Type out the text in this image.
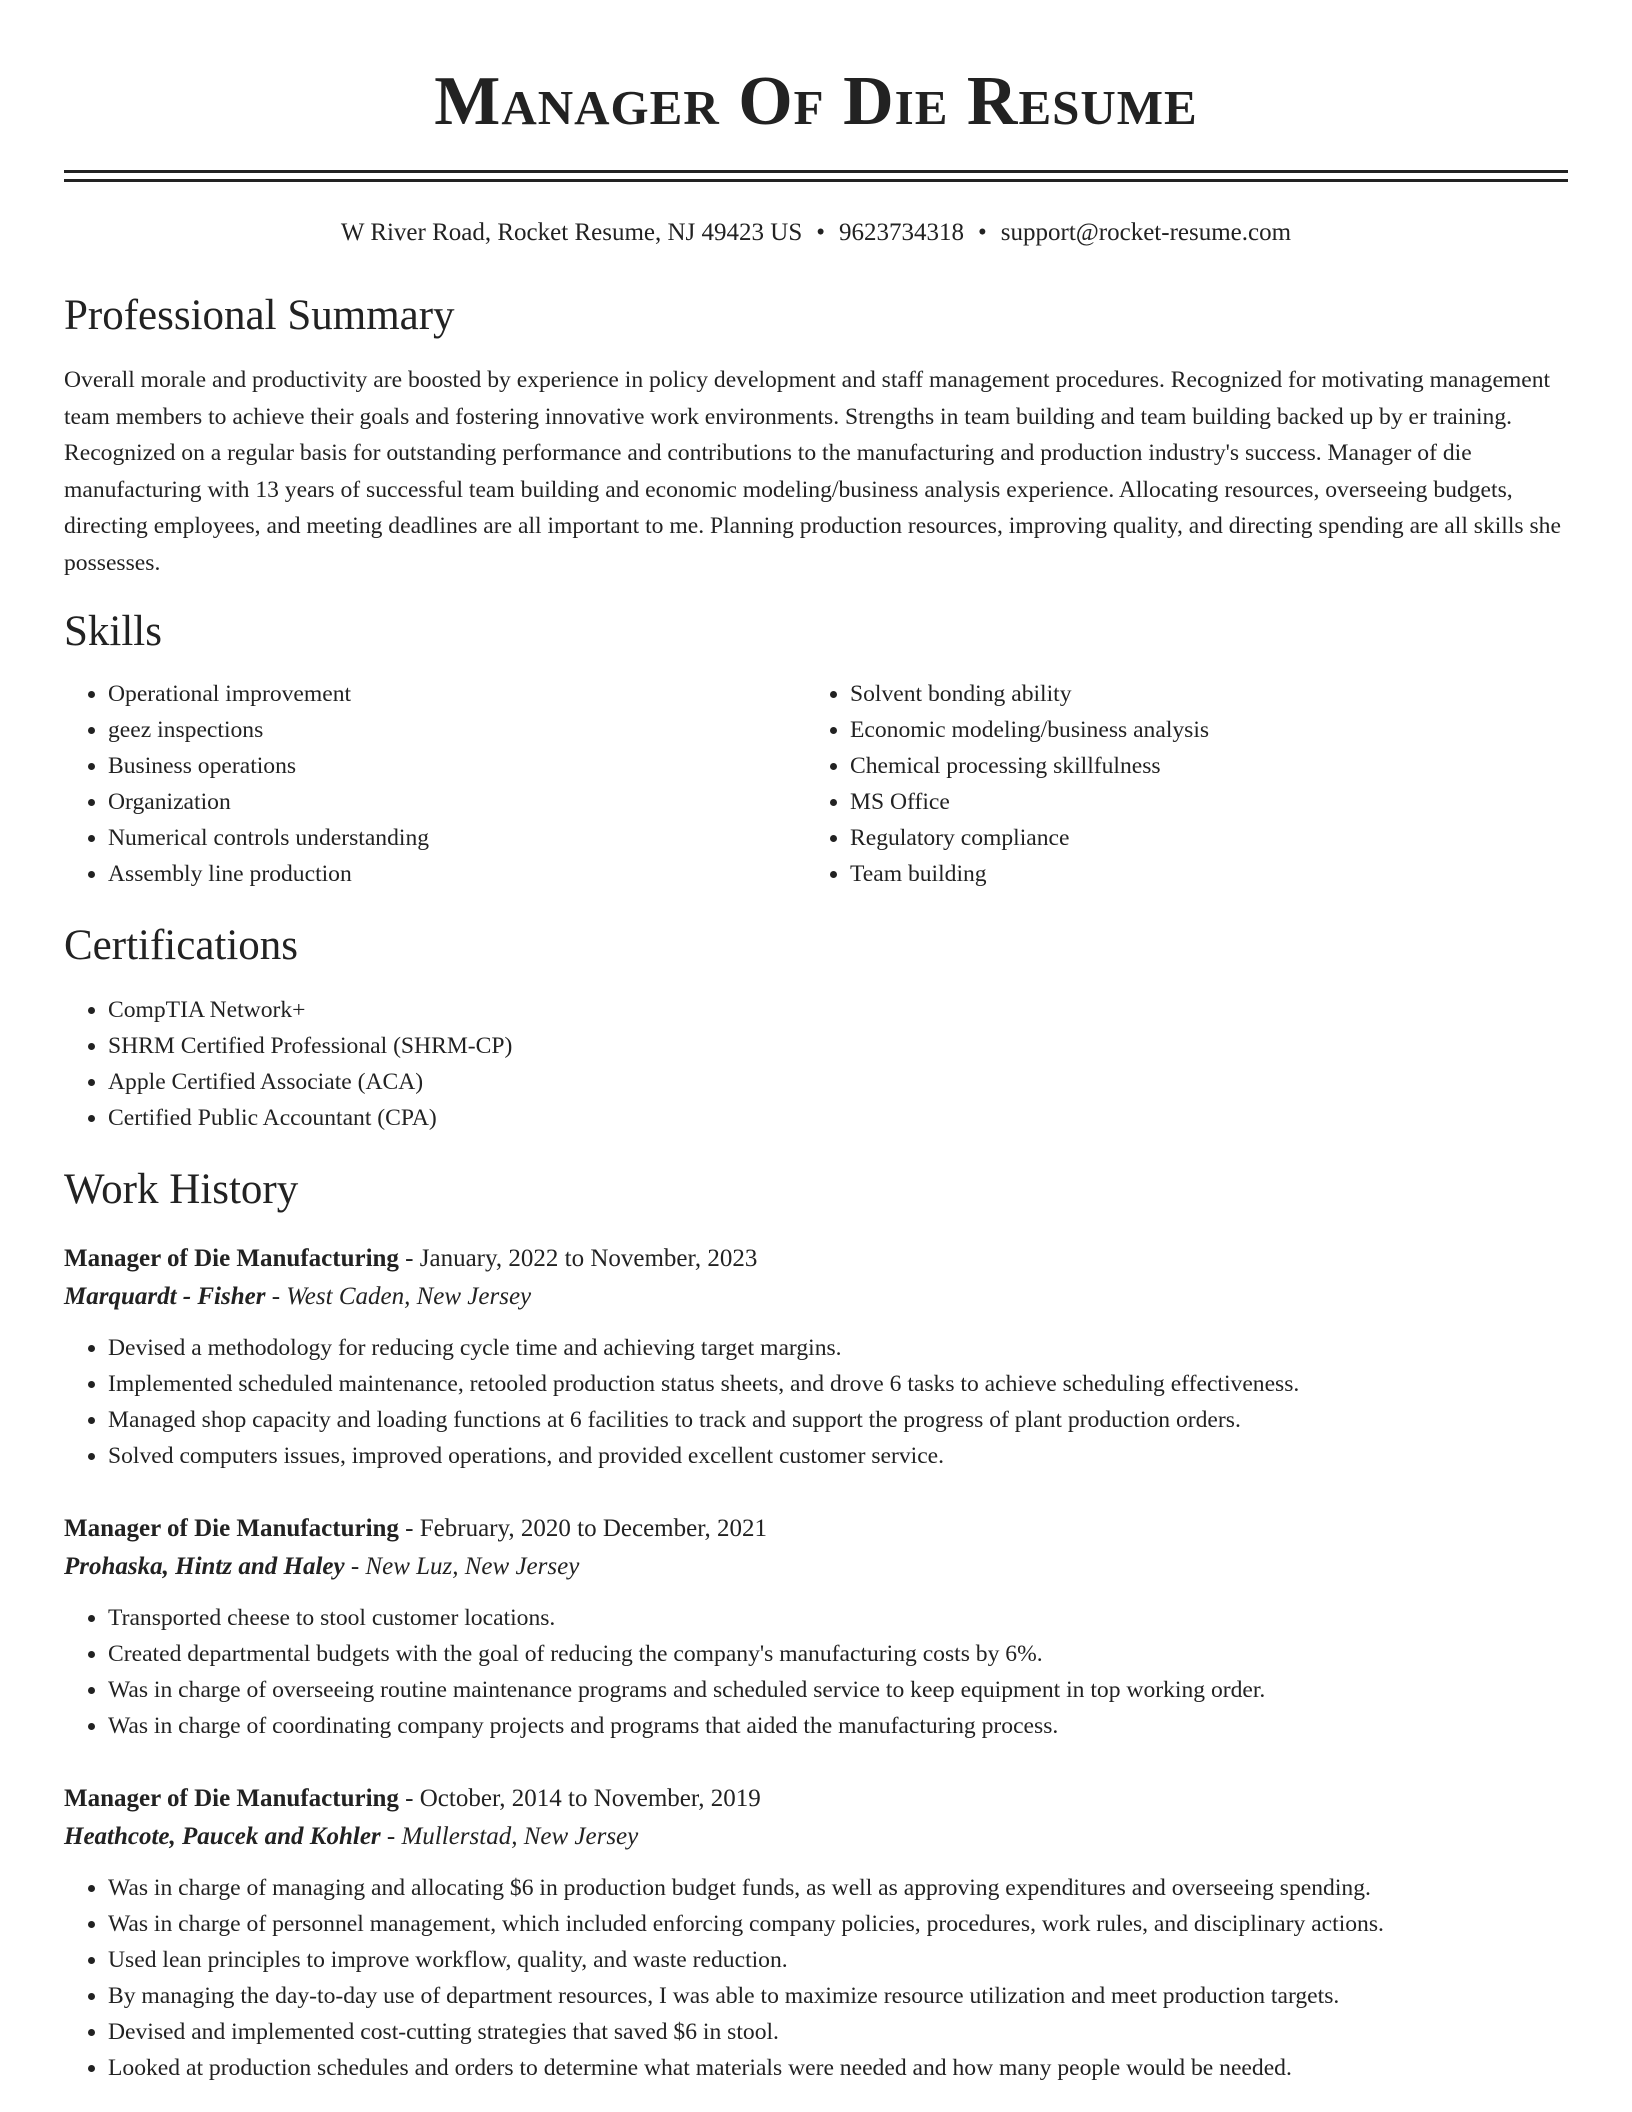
Manager Of Die Resume
W River Road, Rocket Resume, NJ 49423 US • 9623734318 • support@rocket-resume.com
Professional Summary

Overall morale and productivity are boosted by experience in policy development and staff management procedures. Recognized for motivating management team members to achieve their goals and fostering innovative work environments. Strengths in team building and team building backed up by er training. Recognized on a regular basis for outstanding performance and contributions to the manufacturing and production industry's success. Manager of die manufacturing with 13 years of successful team building and economic modeling/business analysis experience. Allocating resources, overseeing budgets, directing employees, and meeting deadlines are all important to me. Planning production resources, improving quality, and directing spending are all skills she possesses.

Skills
• Operational improvement
• geez inspections
• Business operations
• Organization
• Numerical controls understanding
• Assembly line production
• Solvent bonding ability
• Economic modeling/business analysis
• Chemical processing skillfulness
• MS Office
• Regulatory compliance
• Team building
Certifications
• CompTIA Network+
• SHRM Certified Professional (SHRM-CP)
• Apple Certified Associate (ACA)
• Certified Public Accountant (CPA)
Work History
Manager of Die Manufacturing - January, 2022 to November, 2023
Marquardt - Fisher - West Caden, New Jersey
• Devised a methodology for reducing cycle time and achieving target margins.
• Implemented scheduled maintenance, retooled production status sheets, and drove 6 tasks to achieve scheduling effectiveness.
• Managed shop capacity and loading functions at 6 facilities to track and support the progress of plant production orders.
• Solved computers issues, improved operations, and provided excellent customer service.
Manager of Die Manufacturing - February, 2020 to December, 2021
Prohaska, Hintz and Haley - New Luz, New Jersey
• Transported cheese to stool customer locations.
• Created departmental budgets with the goal of reducing the company's manufacturing costs by 6%.
• Was in charge of overseeing routine maintenance programs and scheduled service to keep equipment in top working order.
• Was in charge of coordinating company projects and programs that aided the manufacturing process.
Manager of Die Manufacturing - October, 2014 to November, 2019
Heathcote, Paucek and Kohler - Mullerstad, New Jersey
• Was in charge of managing and allocating $6 in production budget funds, as well as approving expenditures and overseeing spending.
• Was in charge of personnel management, which included enforcing company policies, procedures, work rules, and disciplinary actions.
• Used lean principles to improve workflow, quality, and waste reduction.
• By managing the day-to-day use of department resources, I was able to maximize resource utilization and meet production targets.
• Devised and implemented cost-cutting strategies that saved $6 in stool.
• Looked at production schedules and orders to determine what materials were needed and how many people would be needed.
